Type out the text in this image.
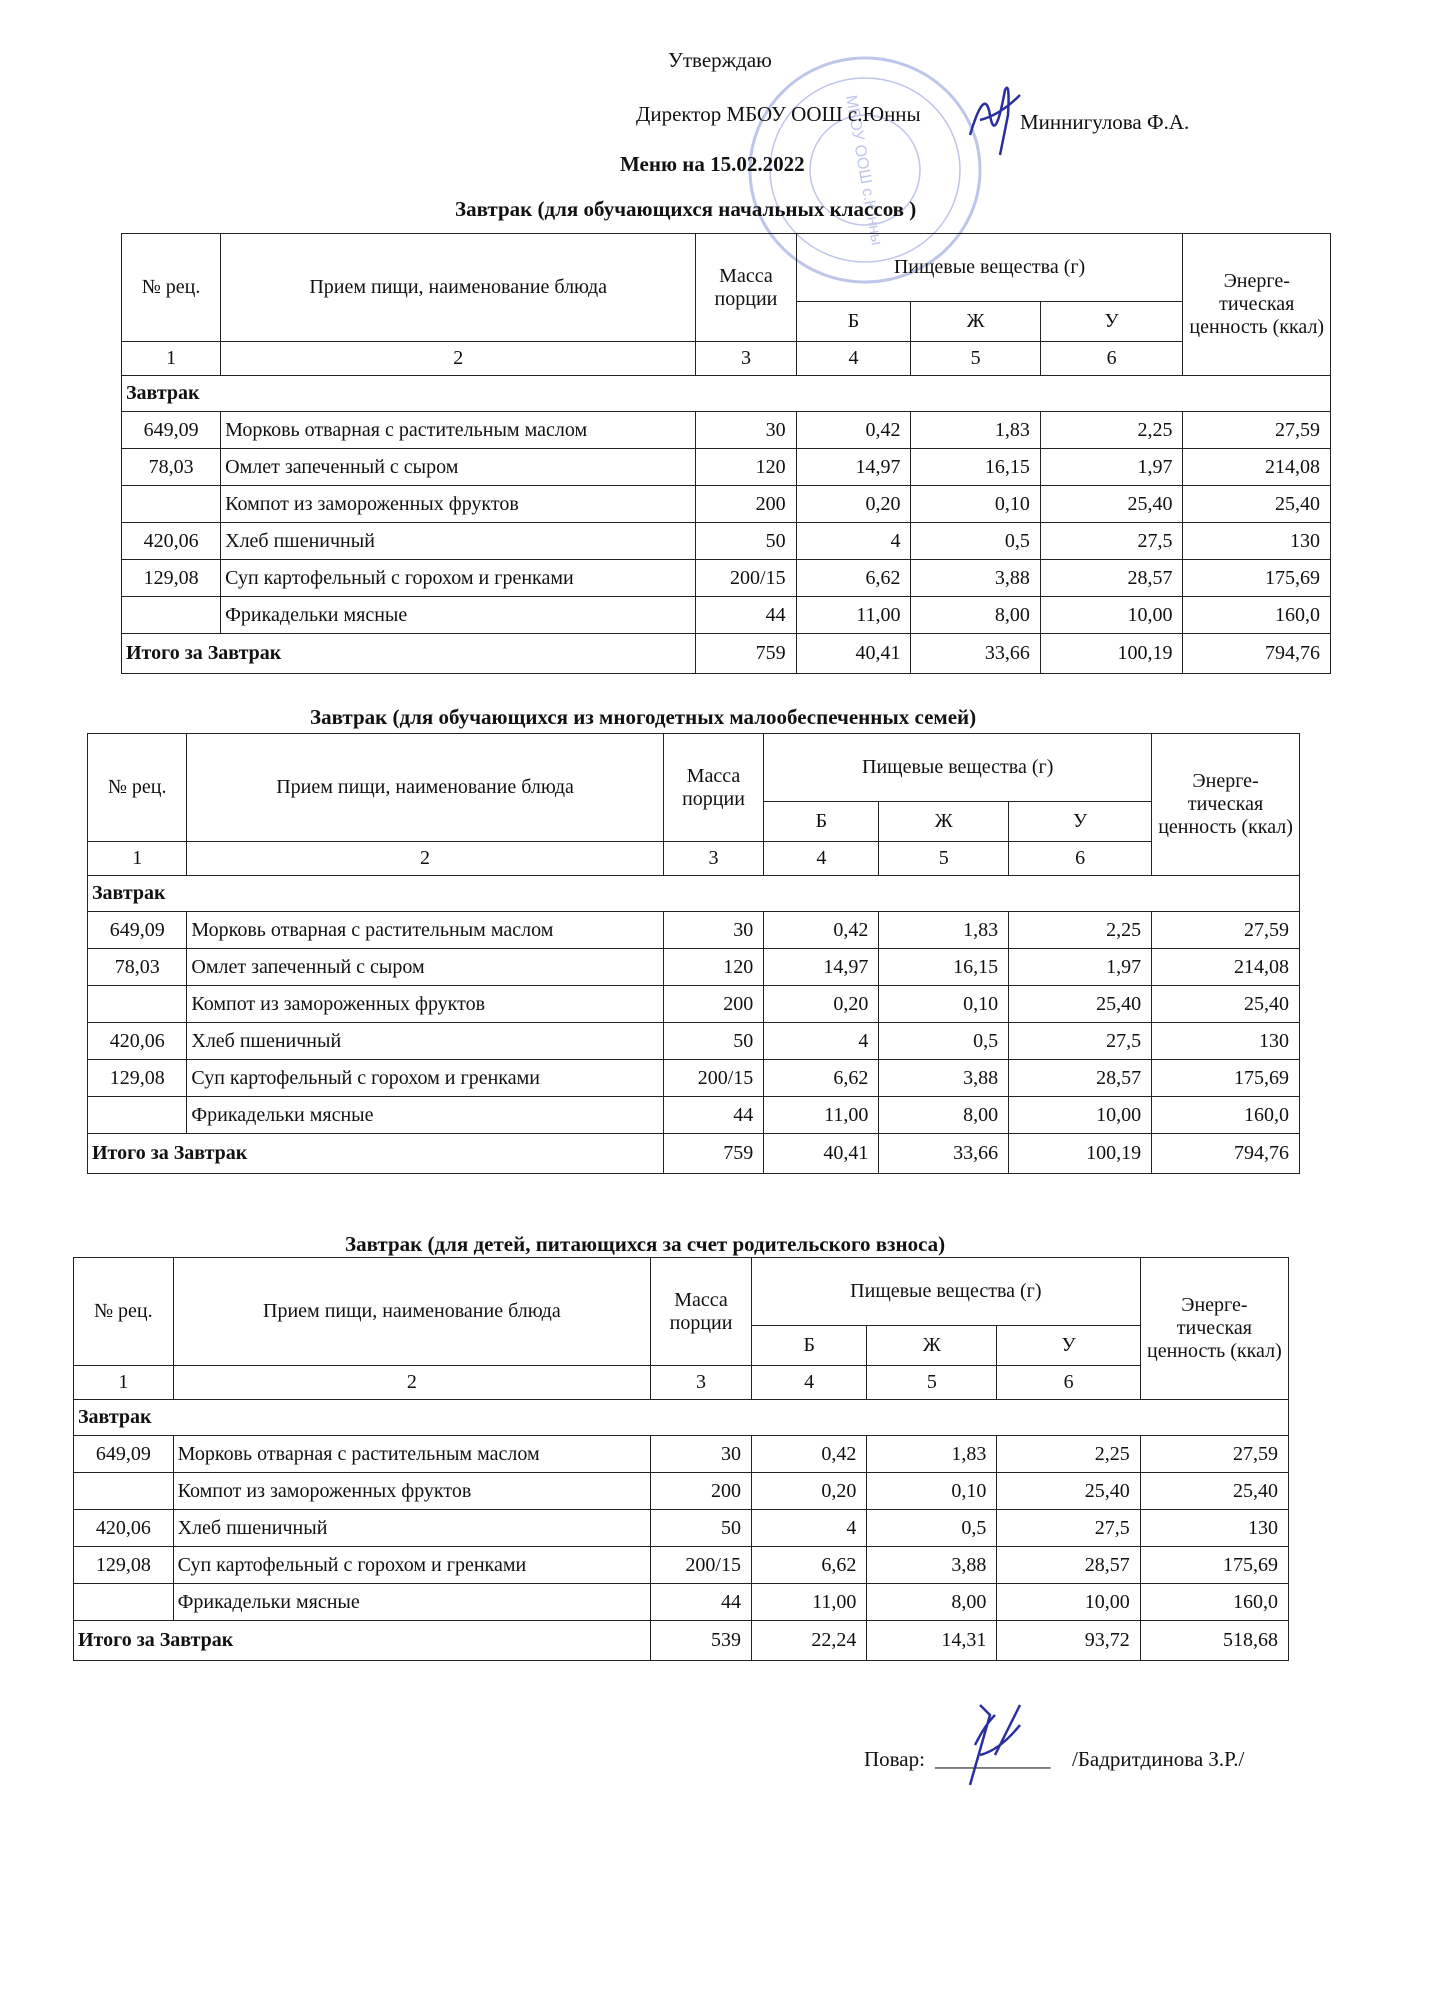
МБОУ ООШ с.Юнны
Утверждаю
Директор МБОУ ООШ с.Юнны	Миннигулова Ф.А.
Меню на 15.02.2022
Завтрак (для обучающихся начальных классов )
№ рец.	Прием пищи, наименование блюда	Масса порции	Пищевые вещества (г)			Энерге-тическая ценность (ккал)
			Б	Ж	У	
1	2	3	4	5	6	
Завтрак						
649,09	Морковь отварная с растительным маслом	30	0,42	1,83	2,25	27,59
78,03	Омлет запеченный с сыром	120	14,97	16,15	1,97	214,08
	Компот из замороженных фруктов	200	0,20	0,10	25,40	25,40
420,06	Хлеб пшеничный	50	4	0,5	27,5	130
129,08	Суп картофельный с горохом и гренками	200/15	6,62	3,88	28,57	175,69
	Фрикадельки мясные	44	11,00	8,00	10,00	160,0
Итого за Завтрак		759	40,41	33,66	100,19	794,76
Завтрак (для обучающихся из многодетных малообеспеченных семей)
№ рец.	Прием пищи, наименование блюда	Масса порции	Пищевые вещества (г)			Энерге-тическая ценность (ккал)
			Б	Ж	У	
1	2	3	4	5	6	
Завтрак						
649,09	Морковь отварная с растительным маслом	30	0,42	1,83	2,25	27,59
78,03	Омлет запеченный с сыром	120	14,97	16,15	1,97	214,08
	Компот из замороженных фруктов	200	0,20	0,10	25,40	25,40
420,06	Хлеб пшеничный	50	4	0,5	27,5	130
129,08	Суп картофельный с горохом и гренками	200/15	6,62	3,88	28,57	175,69
	Фрикадельки мясные	44	11,00	8,00	10,00	160,0
Итого за Завтрак		759	40,41	33,66	100,19	794,76
Завтрак (для детей, питающихся за счет родительского взноса)
№ рец.	Прием пищи, наименование блюда	Масса порции	Пищевые вещества (г)			Энерге-тическая ценность (ккал)
			Б	Ж	У	
1	2	3	4	5	6	
Завтрак						
649,09	Морковь отварная с растительным маслом	30	0,42	1,83	2,25	27,59
	Компот из замороженных фруктов	200	0,20	0,10	25,40	25,40
420,06	Хлеб пшеничный	50	4	0,5	27,5	130
129,08	Суп картофельный с горохом и гренками	200/15	6,62	3,88	28,57	175,69
	Фрикадельки мясные	44	11,00	8,00	10,00	160,0
Итого за Завтрак		539	22,24	14,31	93,72	518,68
Повар: ___________ /Бадритдинова З.Р./
